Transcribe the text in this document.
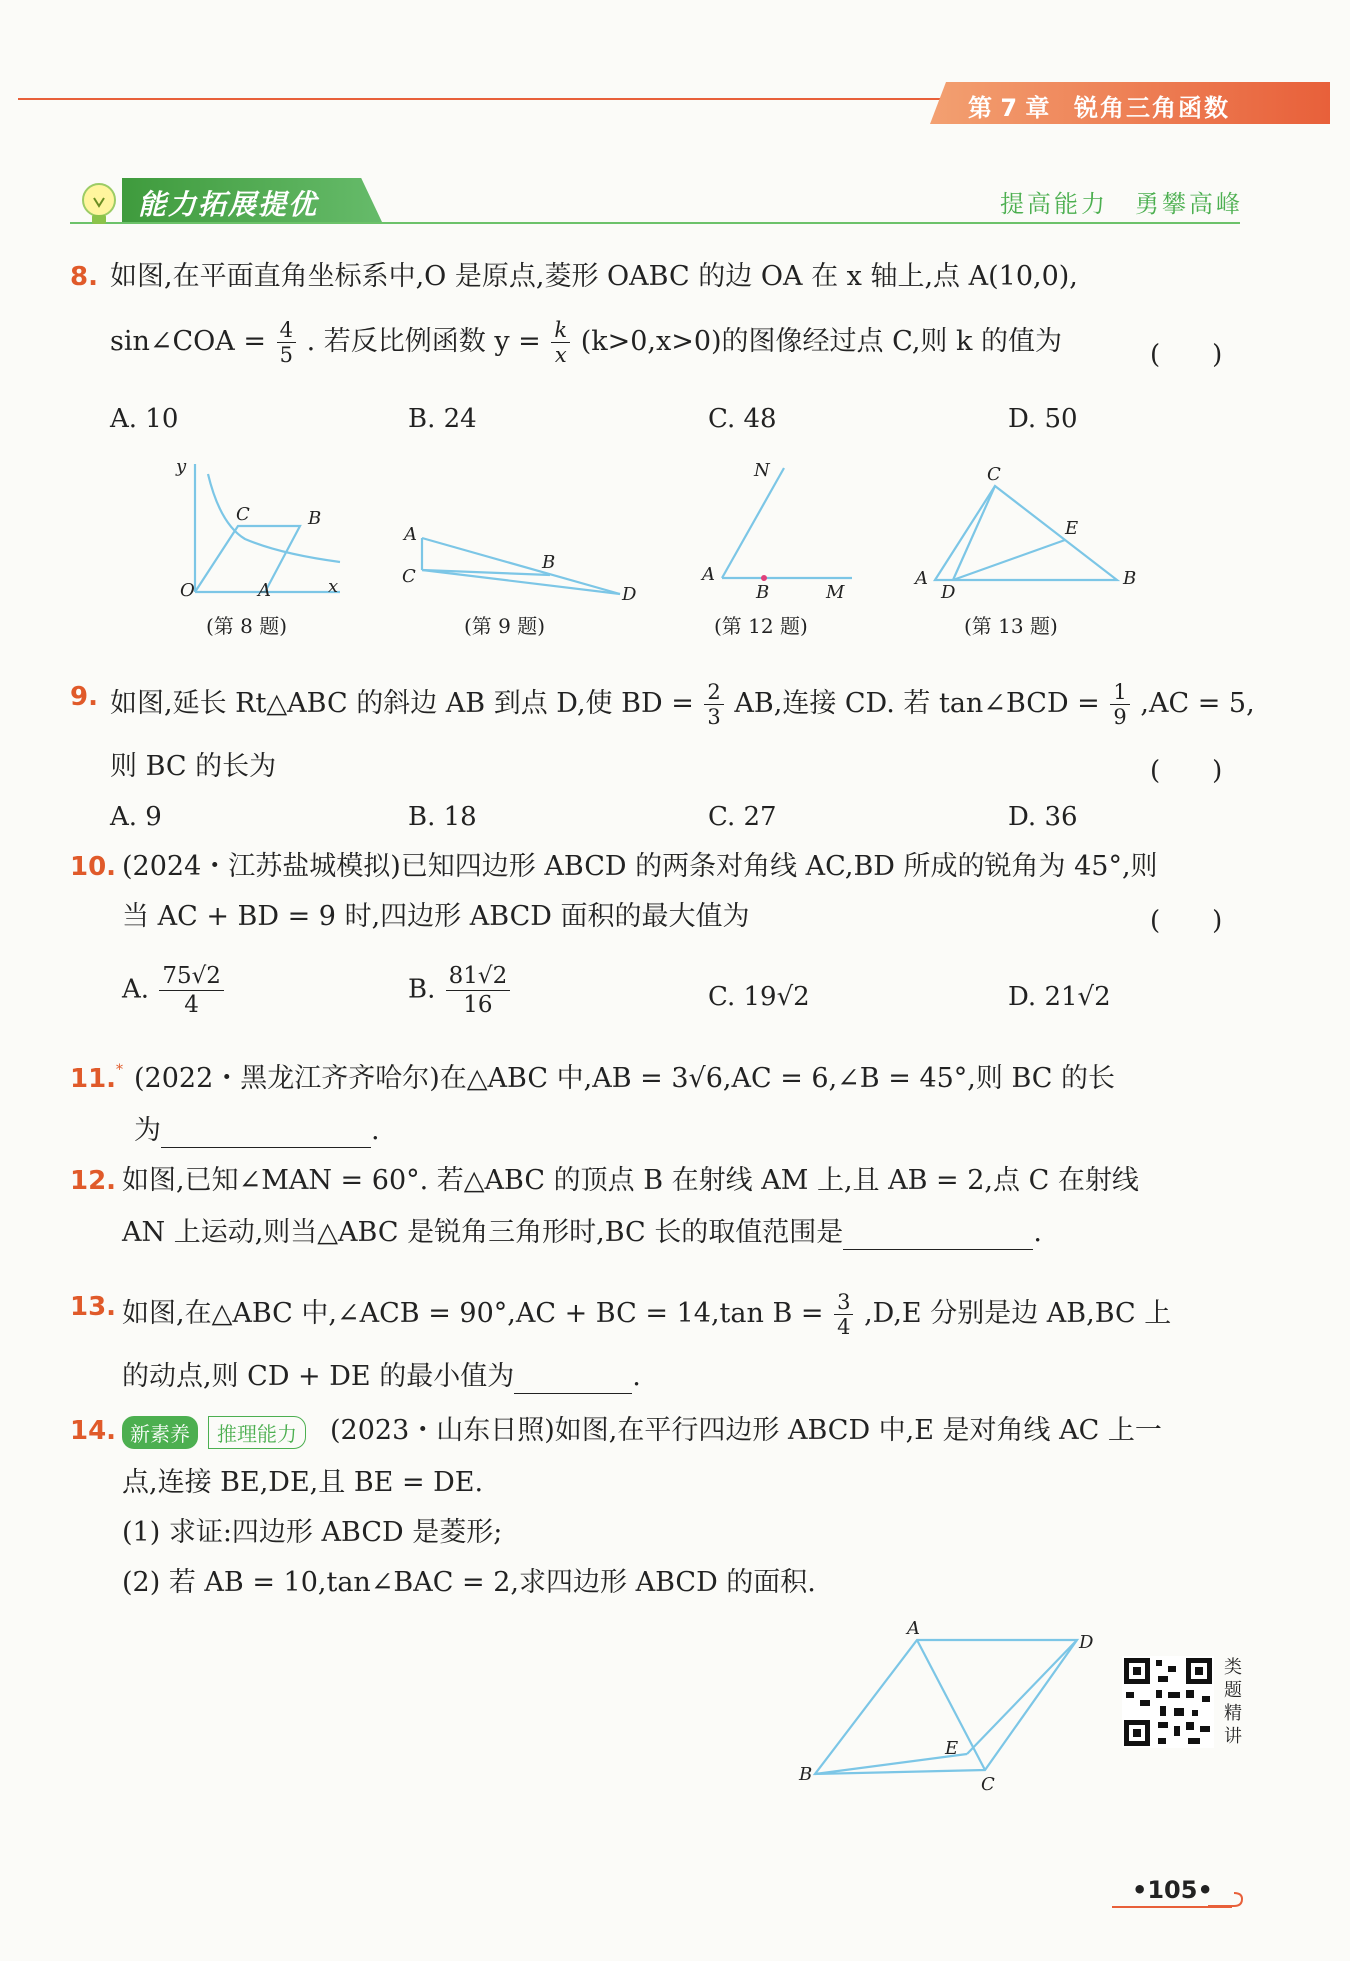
第 7 章 锐角三角函数
能力拓展提优	提高能力　勇攀高峰
8. 如图,在平面直角坐标系中,O 是原点,菱形 OABC 的边 OA 在 x 轴上,点 A(10,0),
sin∠COA = $\frac{4}{5}$ . 若反比例函数 $y = \frac{k}{x} (k>0,x>0)$的图像经过点 C,则 k 的值为	(　　)
A. 10	B. 24	C. 48	D. 50
y
x
O	A
B
C
(第 8 题)
A
C
B
D
(第 9 题)
N
A
B	M
(第 12 题)
C
A
D
E
B
(第 13 题)
9. 如图,延长 Rt△ABC 的斜边 AB 到点 D,使 BD = $\frac{2}{3}$ AB,连接 CD. 若 tan∠BCD = $\frac{1}{9} ,AC = 5$,
则 BC 的长为	(　　)
A. 9	B. 18	C. 27	D. 36
10. (2024・江苏盐城模拟)已知四边形 ABCD 的两条对角线 AC,BD 所成的锐角为 45°,则
当 AC + BD = 9 时,四边形 ABCD 面积的最大值为	(　　)
A. $\frac{75√2}{4}$	B. $\frac{81√2}{16}$	C. 19√2	D. 21√2
11. * (2022・黑龙江齐齐哈尔)在△ABC 中,AB = 3√6,AC = 6,∠B = 45°,则 BC 的长
为	.
12. 如图,已知∠MAN = 60°. 若△ABC 的顶点 B 在射线 AM 上,且 AB = 2,点 C 在射线
AN 上运动,则当△ABC 是锐角三角形时,BC 长的取值范围是	.
13. 如图,在△ABC 中,∠ACB = 90°,AC + BC = 14,tan $B = \frac{3}{4} ,D,E$ 分别是边 AB,BC 上
的动点,则 CD + DE 的最小值为	.
14. 新素养	推理能力	(2023・山东日照)如图,在平行四边形 ABCD 中,E 是对角线 AC 上一
点,连接 BE,DE,且 BE = DE.
(1) 求证:四边形 ABCD 是菱形;
(2) 若 AB = 10,tan∠BAC = 2,求四边形 ABCD 的面积.
A
D
B	C
E
类题精讲
•105•
